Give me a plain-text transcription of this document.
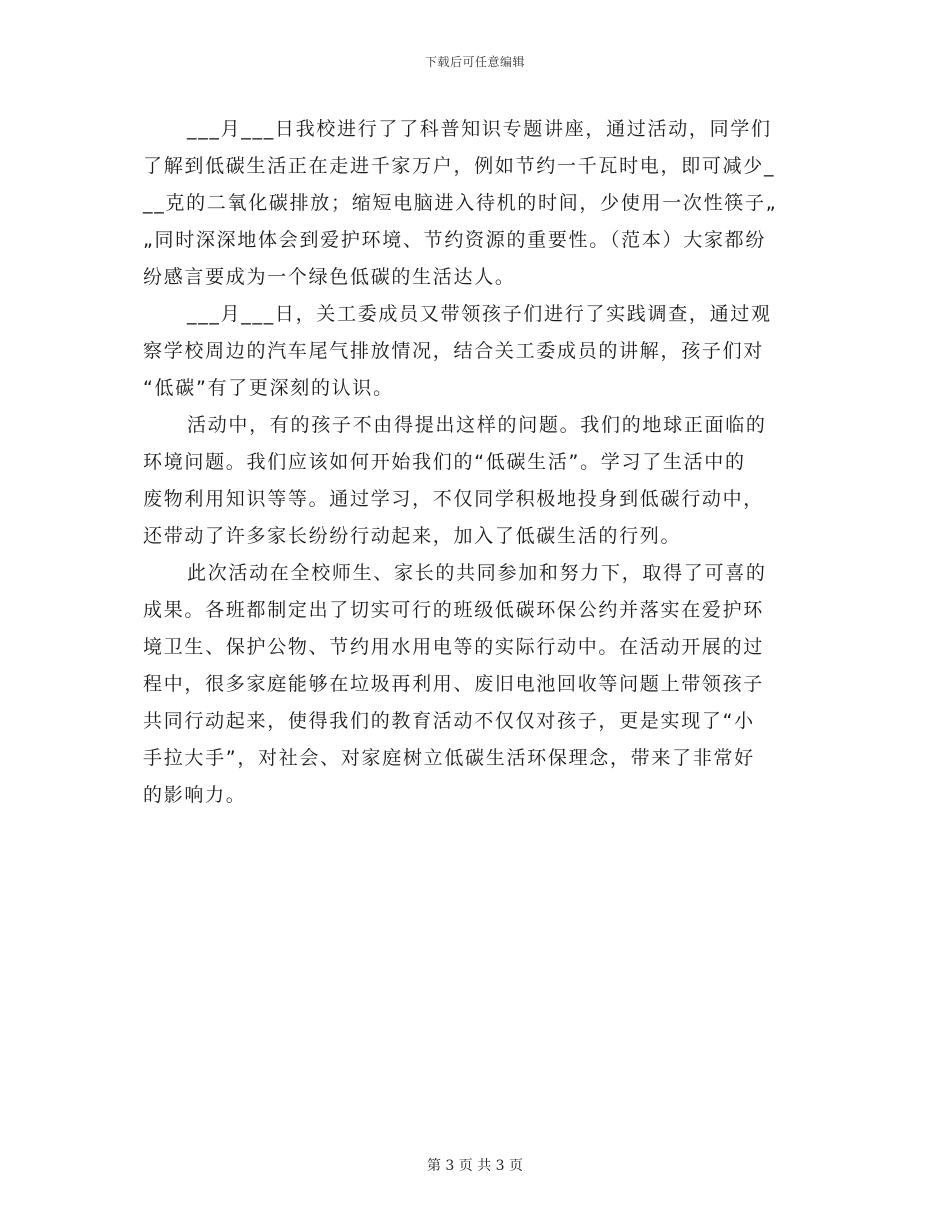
下载后可任意编辑
___月___日我校进行了了科普知识专题讲座，通过活动，同学们
了解到低碳生活正在走进千家万户，例如节约一千瓦时电，即可减少_
__克的二氧化碳排放；缩短电脑进入待机的时间，少使用一次性筷子„
„同时深深地体会到爱护环境、节约资源的重要性。（范本）大家都纷
纷感言要成为一个绿色低碳的生活达人。
___月___日，关工委成员又带领孩子们进行了实践调查，通过观
察学校周边的汽车尾气排放情况，结合关工委成员的讲解，孩子们对
“低碳”有了更深刻的认识。
活动中，有的孩子不由得提出这样的问题。我们的地球正面临的
环境问题。我们应该如何开始我们的“低碳生活”。学习了生活中的
废物利用知识等等。通过学习，不仅同学积极地投身到低碳行动中，
还带动了许多家长纷纷行动起来，加入了低碳生活的行列。
此次活动在全校师生、家长的共同参加和努力下，取得了可喜的
成果。各班都制定出了切实可行的班级低碳环保公约并落实在爱护环
境卫生、保护公物、节约用水用电等的实际行动中。在活动开展的过
程中，很多家庭能够在垃圾再利用、废旧电池回收等问题上带领孩子
共同行动起来，使得我们的教育活动不仅仅对孩子，更是实现了“小
手拉大手”，对社会、对家庭树立低碳生活环保理念，带来了非常好
的影响力。
第 3 页 共 3 页
